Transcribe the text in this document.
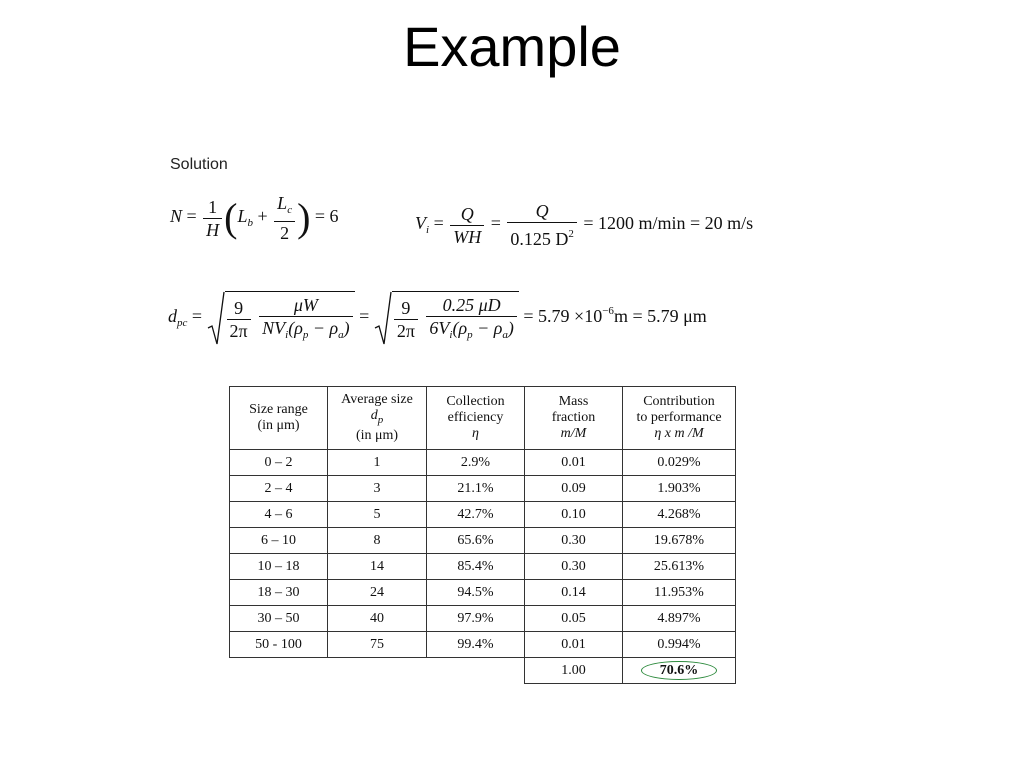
Example
Solution
$N = \frac{1}{H} (L_b + \frac{L_c}{2}$ ) = 6	$V_i = \frac{Q}{WH} = \frac{Q}{0.125 D^2} = 1200$ m/min = 20 m/s
$d_{pc} = \frac{9}{2\pi}$
$\frac{\mu W}{NV_i(\rho_p - \rho_a)} = \frac{9}{2\pi}$
$\frac{0.25 \mu D}{6V_i(\rho_p - \rho_a)} = 5.79 \times 10^{-6}m = 5.79$ μm
Size range
(in μm)	Average size
$d_p$
(in μm)	Collection
efficiency
η	Mass
fraction
m/M	Contribution
to performance
η x m /M
0 – 2	1	2.9%	0.01	0.029%
2 – 4	3	21.1%	0.09	1.903%
4 – 6	5	42.7%	0.10	4.268%
6 – 10	8	65.6%	0.30	19.678%
10 – 18	14	85.4%	0.30	25.613%
18 – 30	24	94.5%	0.14	11.953%
30 – 50	40	97.9%	0.05	4.897%
50 - 100	75	99.4%	0.01	0.994%
			1.00	70.6%
